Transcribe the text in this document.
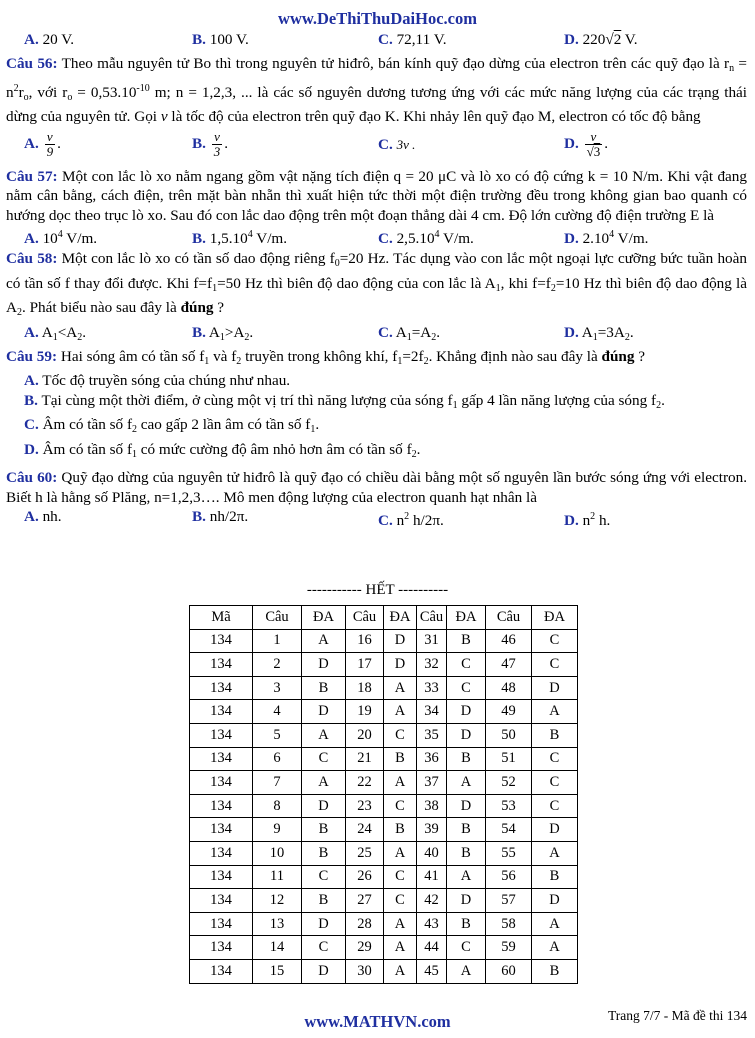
www.DeThiThuDaiHoc.com
A. 20 V.	B. 100 V.	C. 72,11 V.	D. 220√2 V.
Câu 56: Theo mẫu nguyên tử Bo thì trong nguyên tử hiđrô, bán kính quỹ đạo dừng của electron trên các quỹ đạo là $r_n = n^2r_o$, với $r_o = 0,53.10^{-10}$ m; n = 1,2,3, ... là các số nguyên dương tương ứng với các mức năng lượng của các trạng thái dừng của nguyên tử. Gọi v là tốc độ của electron trên quỹ đạo K. Khi nhảy lên quỹ đạo M, electron có tốc độ bằng
A. $\frac{v}{9}$ .	B. $\frac{v}{3}$ .	C. 3v .	D. $\frac{v}{√3}$ .
Câu 57: Một con lắc lò xo nằm ngang gồm vật nặng tích điện q = 20 μC và lò xo có độ cứng k = 10 N/m. Khi vật đang nằm cân bằng, cách điện, trên mặt bàn nhẵn thì xuất hiện tức thời một điện trường đều trong không gian bao quanh có hướng dọc theo trục lò xo. Sau đó con lắc dao động trên một đoạn thẳng dài 4 cm. Độ lớn cường độ điện trường E là
A. $10^4$ V/m.	B. 1,5.10$^4$ V/m.	C. 2,5.10$^4$ V/m.	D. 2.10$^4$ V/m.
Câu 58: Một con lắc lò xo có tần số dao động riêng $f_0=20$ Hz. Tác dụng vào con lắc một ngoại lực cưỡng bức tuần hoàn có tần số f thay đổi được. Khi $f=f_1=50$ Hz thì biên độ dao động của con lắc là $A_1$, khi $f=f_2=10$ Hz thì biên độ dao động là $A_2$. Phát biểu nào sau đây là đúng ?
A. $A_1<A_2$.	B. $A_1>A_2$.	C. $A_1=A_2$.	D. $A_1=3A_2$.
Câu 59: Hai sóng âm có tần số $f_1$ và $f_2$ truyền trong không khí, $f_1=2f_2$. Khẳng định nào sau đây là đúng ?
A. Tốc độ truyền sóng của chúng như nhau.
B. Tại cùng một thời điểm, ở cùng một vị trí thì năng lượng của sóng $f_1$ gấp 4 lần năng lượng của sóng $f_2$.
C. Âm có tần số $f_2$ cao gấp 2 lần âm có tần số $f_1$.
D. Âm có tần số $f_1$ có mức cường độ âm nhỏ hơn âm có tần số $f_2$.
Câu 60: Quỹ đạo dừng của nguyên tử hiđrô là quỹ đạo có chiều dài bằng một số nguyên lần bước sóng ứng với electron. Biết h là hằng số Plăng, n=1,2,3…. Mô men động lượng của electron quanh hạt nhân là
A. nh.	B. nh/2π.	C. $n^2$ h/2π.	D. $n^2$ h.
----------- HẾT ----------
Mã	Câu	ĐA	Câu	ĐA	Câu	ĐA	Câu	ĐA
134	1	A	16	D	31	B	46	C
134	2	D	17	D	32	C	47	C
134	3	B	18	A	33	C	48	D
134	4	D	19	A	34	D	49	A
134	5	A	20	C	35	D	50	B
134	6	C	21	B	36	B	51	C
134	7	A	22	A	37	A	52	C
134	8	D	23	C	38	D	53	C
134	9	B	24	B	39	B	54	D
134	10	B	25	A	40	B	55	A
134	11	C	26	C	41	A	56	B
134	12	B	27	C	42	D	57	D
134	13	D	28	A	43	B	58	A
134	14	C	29	A	44	C	59	A
134	15	D	30	A	45	A	60	B
www.MATHVN.com	Trang 7/7 - Mã đề thi 134
